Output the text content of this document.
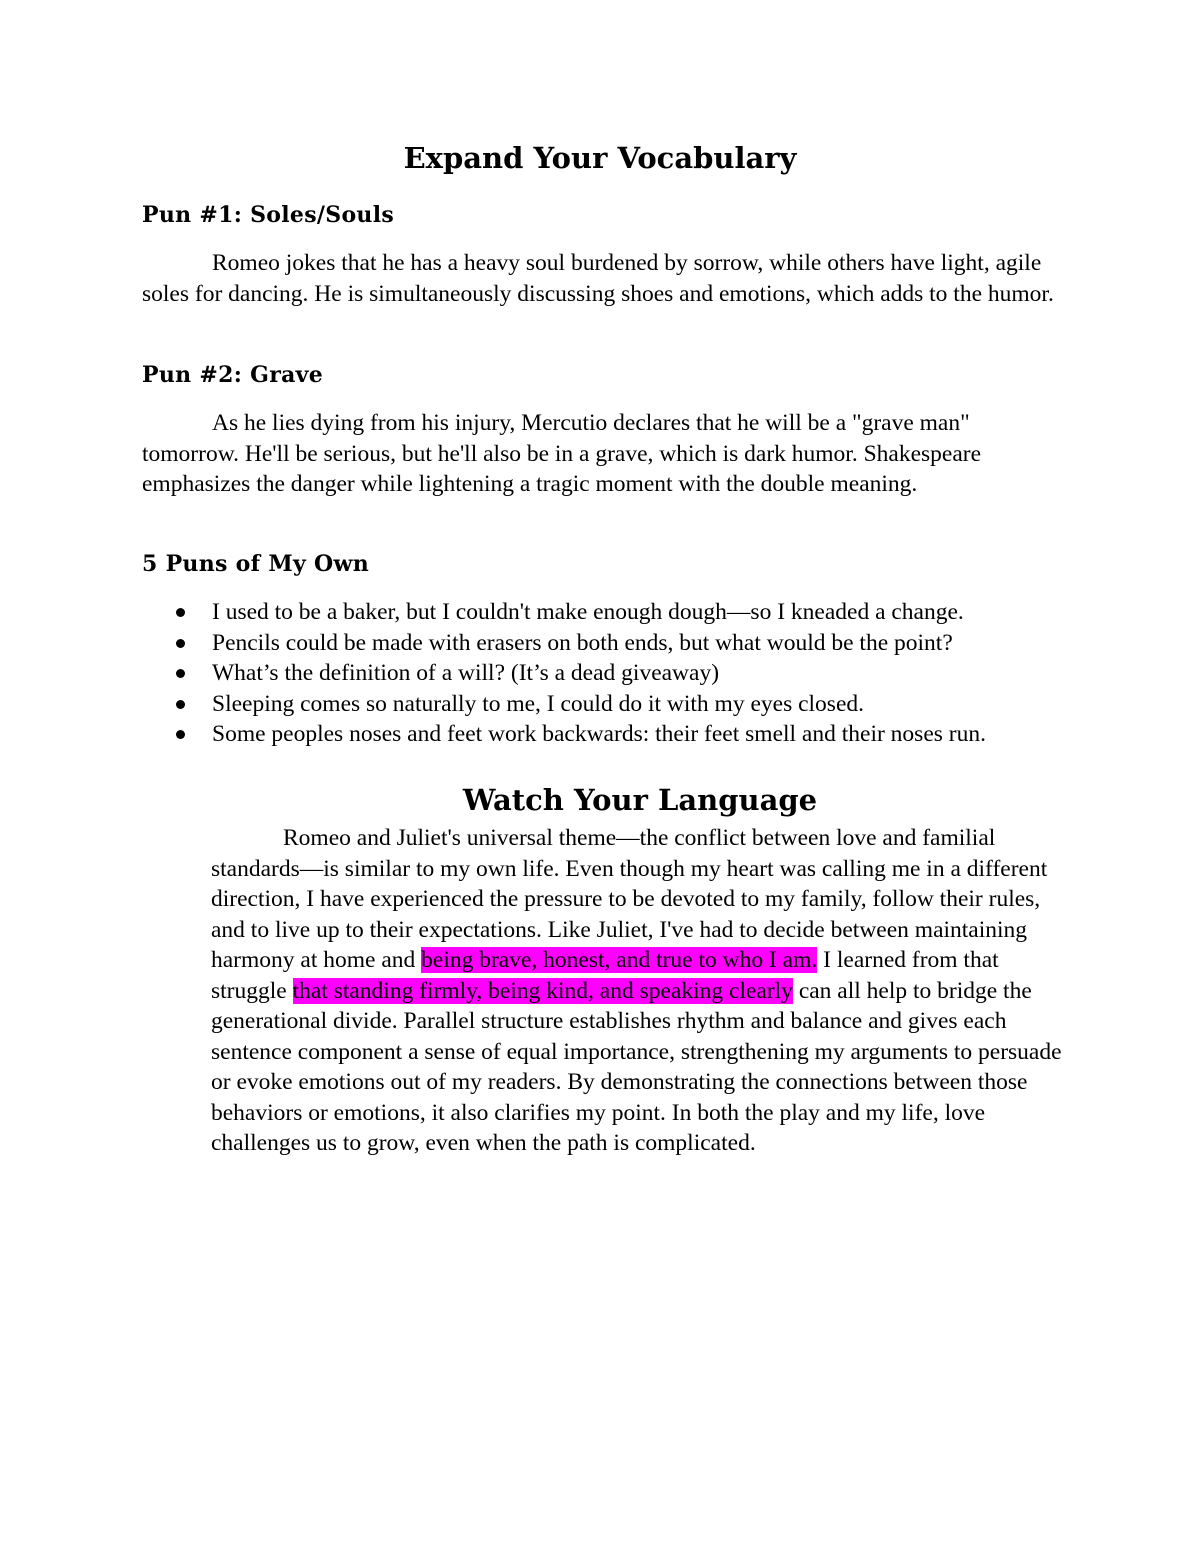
Expand Your Vocabulary
Pun #1: Soles/Souls

Romeo jokes that he has a heavy soul burdened by sorrow, while others have light, agile soles for dancing. He is simultaneously discussing shoes and emotions, which adds to the humor.

Pun #2: Grave

As he lies dying from his injury, Mercutio declares that he will be a "grave man" tomorrow. He'll be serious, but he'll also be in a grave, which is dark humor. Shakespeare emphasizes the danger while lightening a tragic moment with the double meaning.

5 Puns of My Own
I used to be a baker, but I couldn't make enough dough—so I kneaded a change.
Pencils could be made with erasers on both ends, but what would be the point?
What’s the definition of a will? (It’s a dead giveaway)
Sleeping comes so naturally to me, I could do it with my eyes closed.
Some peoples noses and feet work backwards: their feet smell and their noses run.
Watch Your Language

Romeo and Juliet's universal theme—the conflict between love and familial standards—is similar to my own life. Even though my heart was calling me in a different direction, I have experienced the pressure to be devoted to my family, follow their rules, and to live up to their expectations. Like Juliet, I've had to decide between maintaining harmony at home and being brave, honest, and true to who I am. I learned from that struggle that standing firmly, being kind, and speaking clearly can all help to bridge the generational divide. Parallel structure establishes rhythm and balance and gives each sentence component a sense of equal importance, strengthening my arguments to persuade or evoke emotions out of my readers. By demonstrating the connections between those behaviors or emotions, it also clarifies my point. In both the play and my life, love challenges us to grow, even when the path is complicated.
